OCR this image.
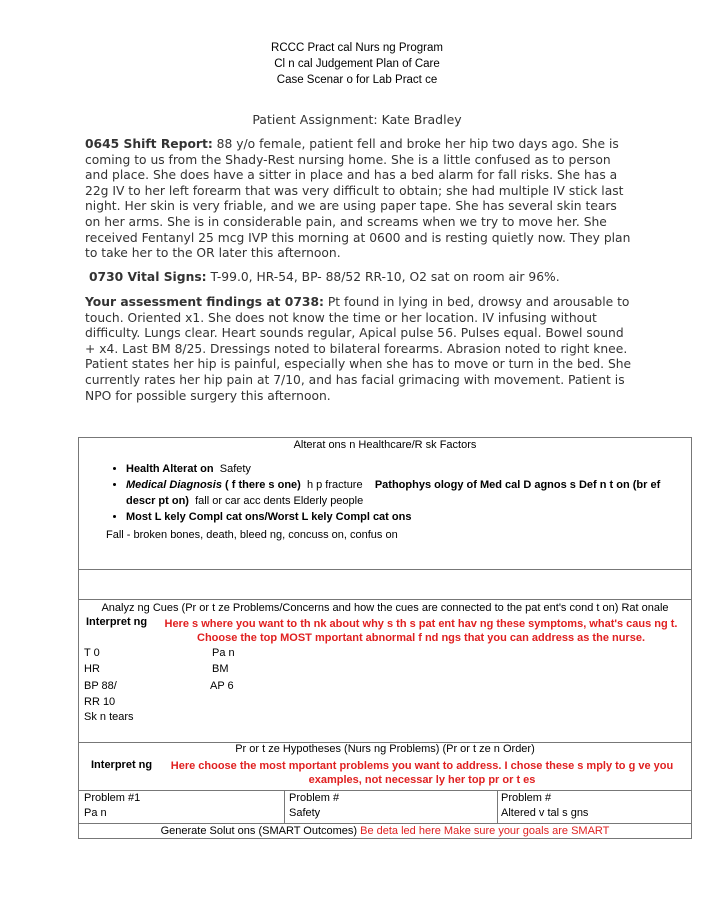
RCCC Pract cal Nurs ng Program
Cl n cal Judgement Plan of Care
Case Scenar o for Lab Pract ce
Patient Assignment: Kate Bradley
0645 Shift Report: 88 y/o female, patient fell and broke her hip two days ago. She is coming to us from the Shady-Rest nursing home. She is a little confused as to person and place. She does have a sitter in place and has a bed alarm for fall risks. She has a 22g IV to her left forearm that was very difficult to obtain; she had multiple IV stick last night. Her skin is very friable, and we are using paper tape. She has several skin tears on her arms. She is in considerable pain, and screams when we try to move her. She received Fentanyl 25 mcg IVP this morning at 0600 and is resting quietly now. They plan to take her to the OR later this afternoon.
0730 Vital Signs: T-99.0, HR-54, BP- 88/52 RR-10, O2 sat on room air 96%.
Your assessment findings at 0738: Pt found in lying in bed, drowsy and arousable to touch. Oriented x1. She does not know the time or her location. IV infusing without difficulty. Lungs clear. Heart sounds regular, Apical pulse 56. Pulses equal. Bowel sound + x4. Last BM 8/25. Dressings noted to bilateral forearms. Abrasion noted to right knee. Patient states her hip is painful, especially when she has to move or turn in the bed. She currently rates her hip pain at 7/10, and has facial grimacing with movement. Patient is NPO for possible surgery this afternoon.
Alterat ons n Healthcare/R sk Factors
• Health Alterat on Safety
• Medical Diagnosis ( f there s one) h p fracture Pathophys ology of Med cal D agnos s Def n t on (br ef descr pt on) fall or car acc dents Elderly people
• Most L kely Compl cat ons/Worst L kely Compl cat ons
Fall - broken bones, death, bleed ng, concuss on, confus on
Analyz ng Cues (Pr or t ze Problems/Concerns and how the cues are connected to the pat ent's cond t on) Rat onale
Interpret ng	Here s where you want to th nk about why s th s pat ent hav ng these symptoms, what's caus ng t. Choose the top MOST mportant abnormal f nd ngs that you can address as the nurse.
T 0
HR
BP 88/
RR 10
Sk n tears
Pa n
BM
AP 6
Pr or t ze Hypotheses (Nurs ng Problems) (Pr or t ze n Order)
Interpret ng	Here choose the most mportant problems you want to address. I chose these s mply to g ve you examples, not necessar ly her top pr or t es
Problem #1
Pa n
Problem #
Safety
Problem #
Altered v tal s gns
Generate Solut ons (SMART Outcomes) Be deta led here Make sure your goals are SMART
